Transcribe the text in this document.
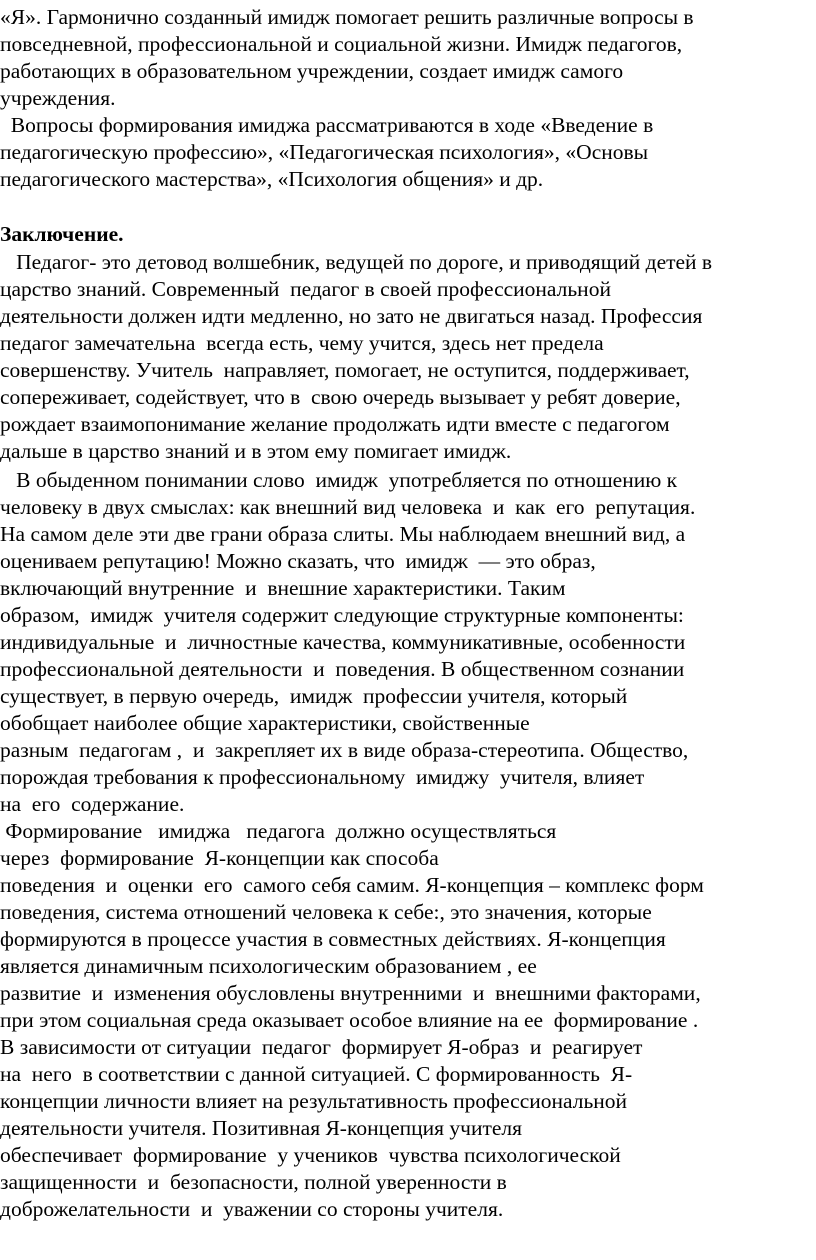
«Я». Гармонично созданный имидж помогает решить различные вопросы в
повседневной, профессиональной и социальной жизни. Имидж педагогов,
работающих в образовательном учреждении, создает имидж самого
учреждения.
Вопросы формирования имиджа рассматриваются в ходе «Введение в
педагогическую профессию», «Педагогическая психология», «Основы
педагогического мастерства», «Психология общения» и др.
Заключение.
Педагог- это детовод волшебник, ведущей по дороге, и приводящий детей в
царство знаний. Современный  педагог в своей профессиональной
деятельности должен идти медленно, но зато не двигаться назад. Профессия
педагог замечательна  всегда есть, чему учится, здесь нет предела
совершенству. Учитель  направляет, помогает, не оступится, поддерживает,
сопереживает, содействует, что в  свою очередь вызывает у ребят доверие,
рождает взаимопонимание желание продолжать идти вместе с педагогом
дальше в царство знаний и в этом ему помигает имидж.
В обыденном понимании слово  имидж  употребляется по отношению к
человеку в двух смыслах: как внешний вид человека  и  как  его  репутация.
На самом деле эти две грани образа слиты. Мы наблюдаем внешний вид, а
оцениваем репутацию! Можно сказать, что  имидж  — это образ,
включающий внутренние  и  внешние характеристики. Таким
образом,  имидж  учителя содержит следующие структурные компоненты:
индивидуальные  и  личностные качества, коммуникативные, особенности
профессиональной деятельности  и  поведения. В общественном сознании
существует, в первую очередь,  имидж  профессии учителя, который
обобщает наиболее общие характеристики, свойственные
разным  педагогам ,  и  закрепляет их в виде образа-стереотипа. Общество,
порождая требования к профессиональному  имиджу  учителя, влияет
на  его  содержание.
Формирование   имиджа   педагога  должно осуществляться
через  формирование  Я-концепции как способа
поведения  и  оценки  его  самого себя самим. Я-концепция – комплекс форм
поведения, система отношений человека к себе:, это значения, которые
формируются в процессе участия в совместных действиях. Я-концепция
является динамичным психологическим образованием , ее
развитие  и  изменения обусловлены внутренними  и  внешними факторами,
при этом социальная среда оказывает особое влияние на ее  формирование .
В зависимости от ситуации  педагог  формирует Я-образ  и  реагирует
на  него  в соответствии с данной ситуацией. С формированность  Я-
концепции личности влияет на результативность профессиональной
деятельности учителя. Позитивная Я-концепция учителя
обеспечивает  формирование  у учеников  чувства психологической
защищенности  и  безопасности, полной уверенности в
доброжелательности  и  уважении со стороны учителя.
